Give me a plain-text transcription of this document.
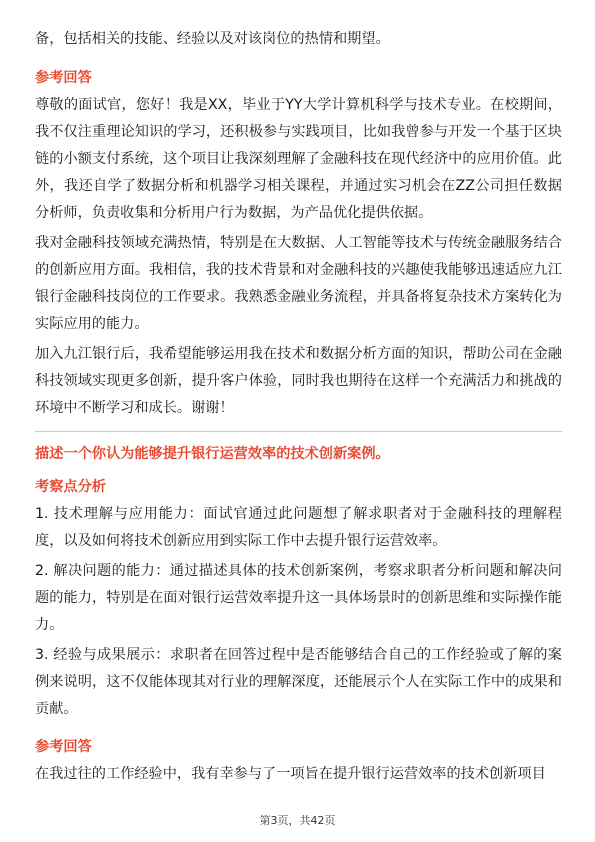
备，包括相关的技能、经验以及对该岗位的热情和期望。

参考回答

尊敬的面试官，您好！我是XX，毕业于YY大学计算机科学与技术专业。在校期间，我不仅注重理论知识的学习，还积极参与实践项目，比如我曾参与开发一个基于区块链的小额支付系统，这个项目让我深刻理解了金融科技在现代经济中的应用价值。此外，我还自学了数据分析和机器学习相关课程，并通过实习机会在ZZ公司担任数据分析师，负责收集和分析用户行为数据，为产品优化提供依据。

我对金融科技领域充满热情，特别是在大数据、人工智能等技术与传统金融服务结合的创新应用方面。我相信，我的技术背景和对金融科技的兴趣使我能够迅速适应九江银行金融科技岗位的工作要求。我熟悉金融业务流程，并具备将复杂技术方案转化为实际应用的能力。

加入九江银行后，我希望能够运用我在技术和数据分析方面的知识，帮助公司在金融科技领域实现更多创新，提升客户体验，同时我也期待在这样一个充满活力和挑战的环境中不断学习和成长。谢谢！

描述一个你认为能够提升银行运营效率的技术创新案例。
考察点分析

1. 技术理解与应用能力：面试官通过此问题想了解求职者对于金融科技的理解程度，以及如何将技术创新应用到实际工作中去提升银行运营效率。

2. 解决问题的能力：通过描述具体的技术创新案例，考察求职者分析问题和解决问题的能力，特别是在面对银行运营效率提升这一具体场景时的创新思维和实际操作能力。

3. 经验与成果展示：求职者在回答过程中是否能够结合自己的工作经验或了解的案例来说明，这不仅能体现其对行业的理解深度，还能展示个人在实际工作中的成果和贡献。

参考回答

在我过往的工作经验中，我有幸参与了一项旨在提升银行运营效率的技术创新项目

第3页，共42页
